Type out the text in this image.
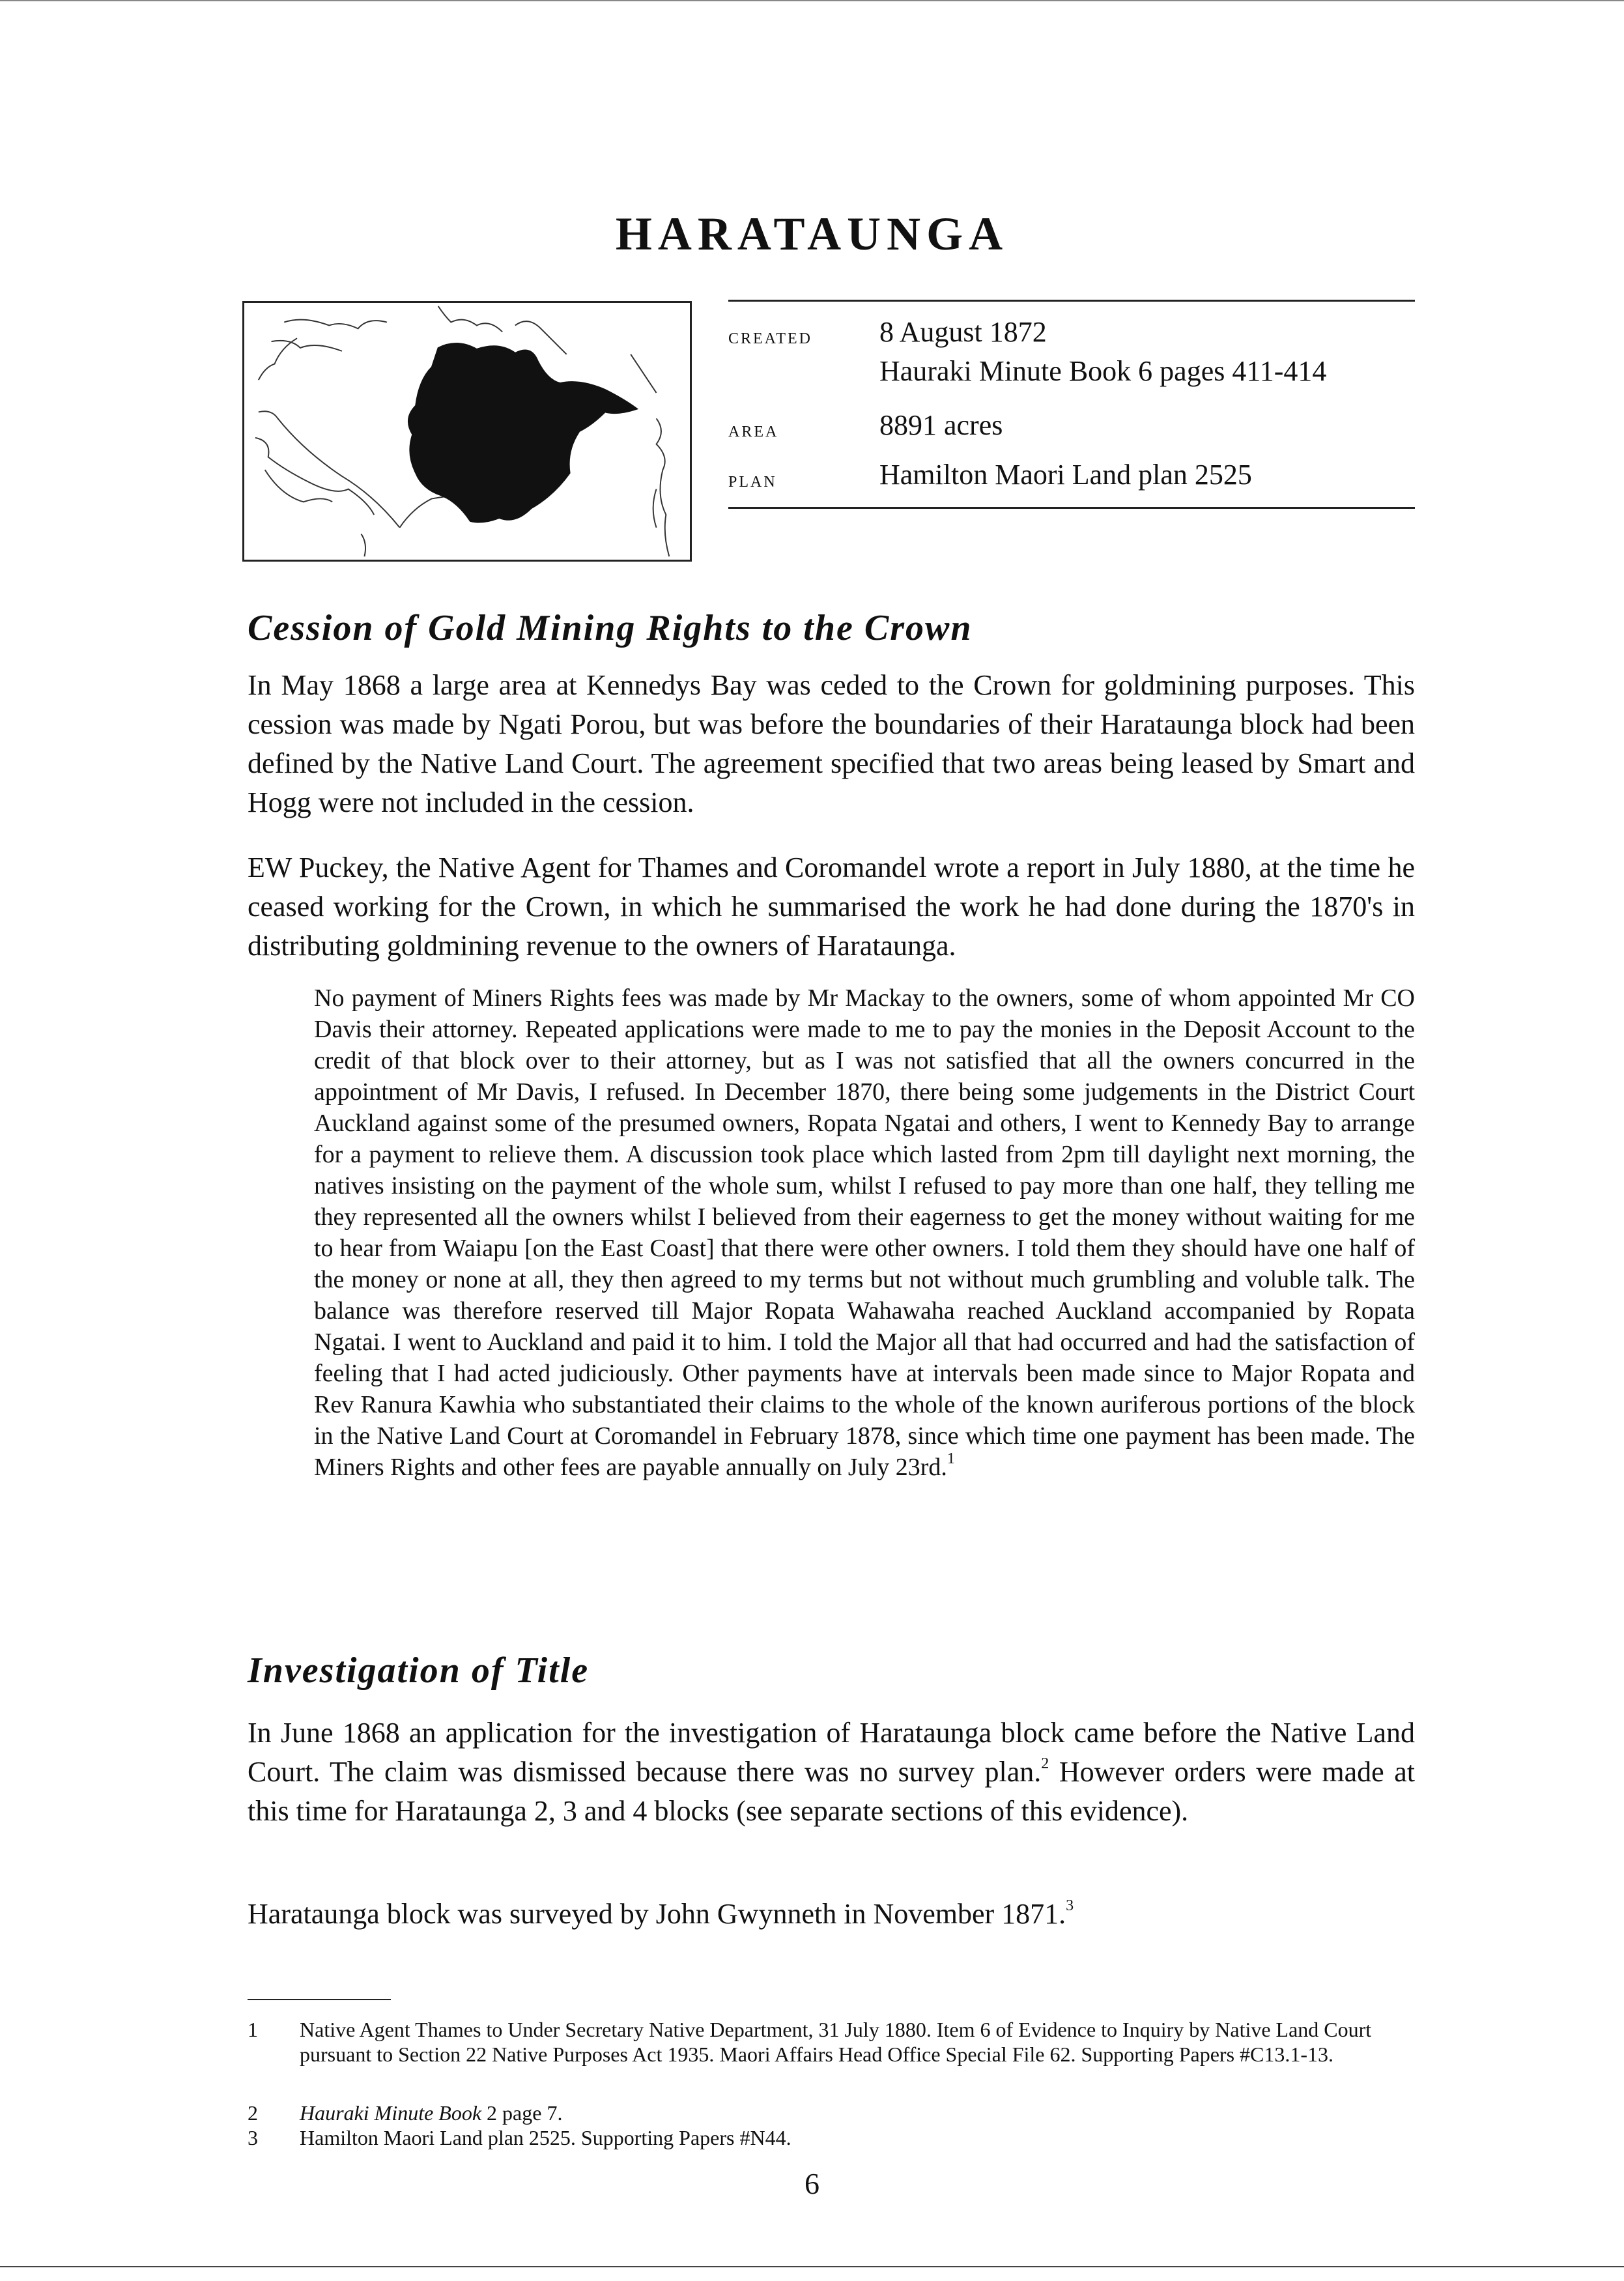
HARATAUNGA
created 8 August 1872
Hauraki Minute Book 6 pages 411-414
area	8891 acres
plan	Hamilton Maori Land plan 2525
Cession of Gold Mining Rights to the Crown
In May 1868 a large area at Kennedys Bay was ceded to the Crown for goldmining purposes. This cession was made by Ngati Porou, but was before the boundaries of their Harataunga block had been defined by the Native Land Court. The agreement specified that two areas being leased by Smart and Hogg were not included in the cession.
EW Puckey, the Native Agent for Thames and Coromandel wrote a report in July 1880, at the time he ceased working for the Crown, in which he summarised the work he had done during the 1870's in distributing goldmining revenue to the owners of Harataunga.
No payment of Miners Rights fees was made by Mr Mackay to the owners, some of whom appointed Mr CO Davis their attorney. Repeated applications were made to me to pay the monies in the Deposit Account to the credit of that block over to their attorney, but as I was not satisfied that all the owners concurred in the appointment of Mr Davis, I refused. In December 1870, there being some judgements in the District Court Auckland against some of the presumed owners, Ropata Ngatai and others, I went to Kennedy Bay to arrange for a payment to relieve them. A discussion took place which lasted from 2pm till daylight next morning, the natives insisting on the payment of the whole sum, whilst I refused to pay more than one half, they telling me they represented all the owners whilst I believed from their eagerness to get the money without waiting for me to hear from Waiapu [on the East Coast] that there were other owners. I told them they should have one half of the money or none at all, they then agreed to my terms but not without much grumbling and voluble talk. The balance was therefore reserved till Major Ropata Wahawaha reached Auckland accompanied by Ropata Ngatai. I went to Auckland and paid it to him. I told the Major all that had occurred and had the satisfaction of feeling that I had acted judiciously. Other payments have at intervals been made since to Major Ropata and Rev Ranura Kawhia who substantiated their claims to the whole of the known auriferous portions of the block in the Native Land Court at Coromandel in February 1878, since which time one payment has been made. The Miners Rights and other fees are payable annually on July 23rd.$^1$
Investigation of Title
In June 1868 an application for the investigation of Harataunga block came before the Native Land Court. The claim was dismissed because there was no survey plan.$^2$ However orders were made at this time for Harataunga 2, 3 and 4 blocks (see separate sections of this evidence).
Harataunga block was surveyed by John Gwynneth in November 1871.$^3$
1 Native Agent Thames to Under Secretary Native Department, 31 July 1880. Item 6 of Evidence to Inquiry by Native Land Court pursuant to Section 22 Native Purposes Act 1935. Maori Affairs Head Office Special File 62. Supporting Papers #C13.1-13.
2 Hauraki Minute Book 2 page 7.
3 Hamilton Maori Land plan 2525. Supporting Papers #N44.
6
